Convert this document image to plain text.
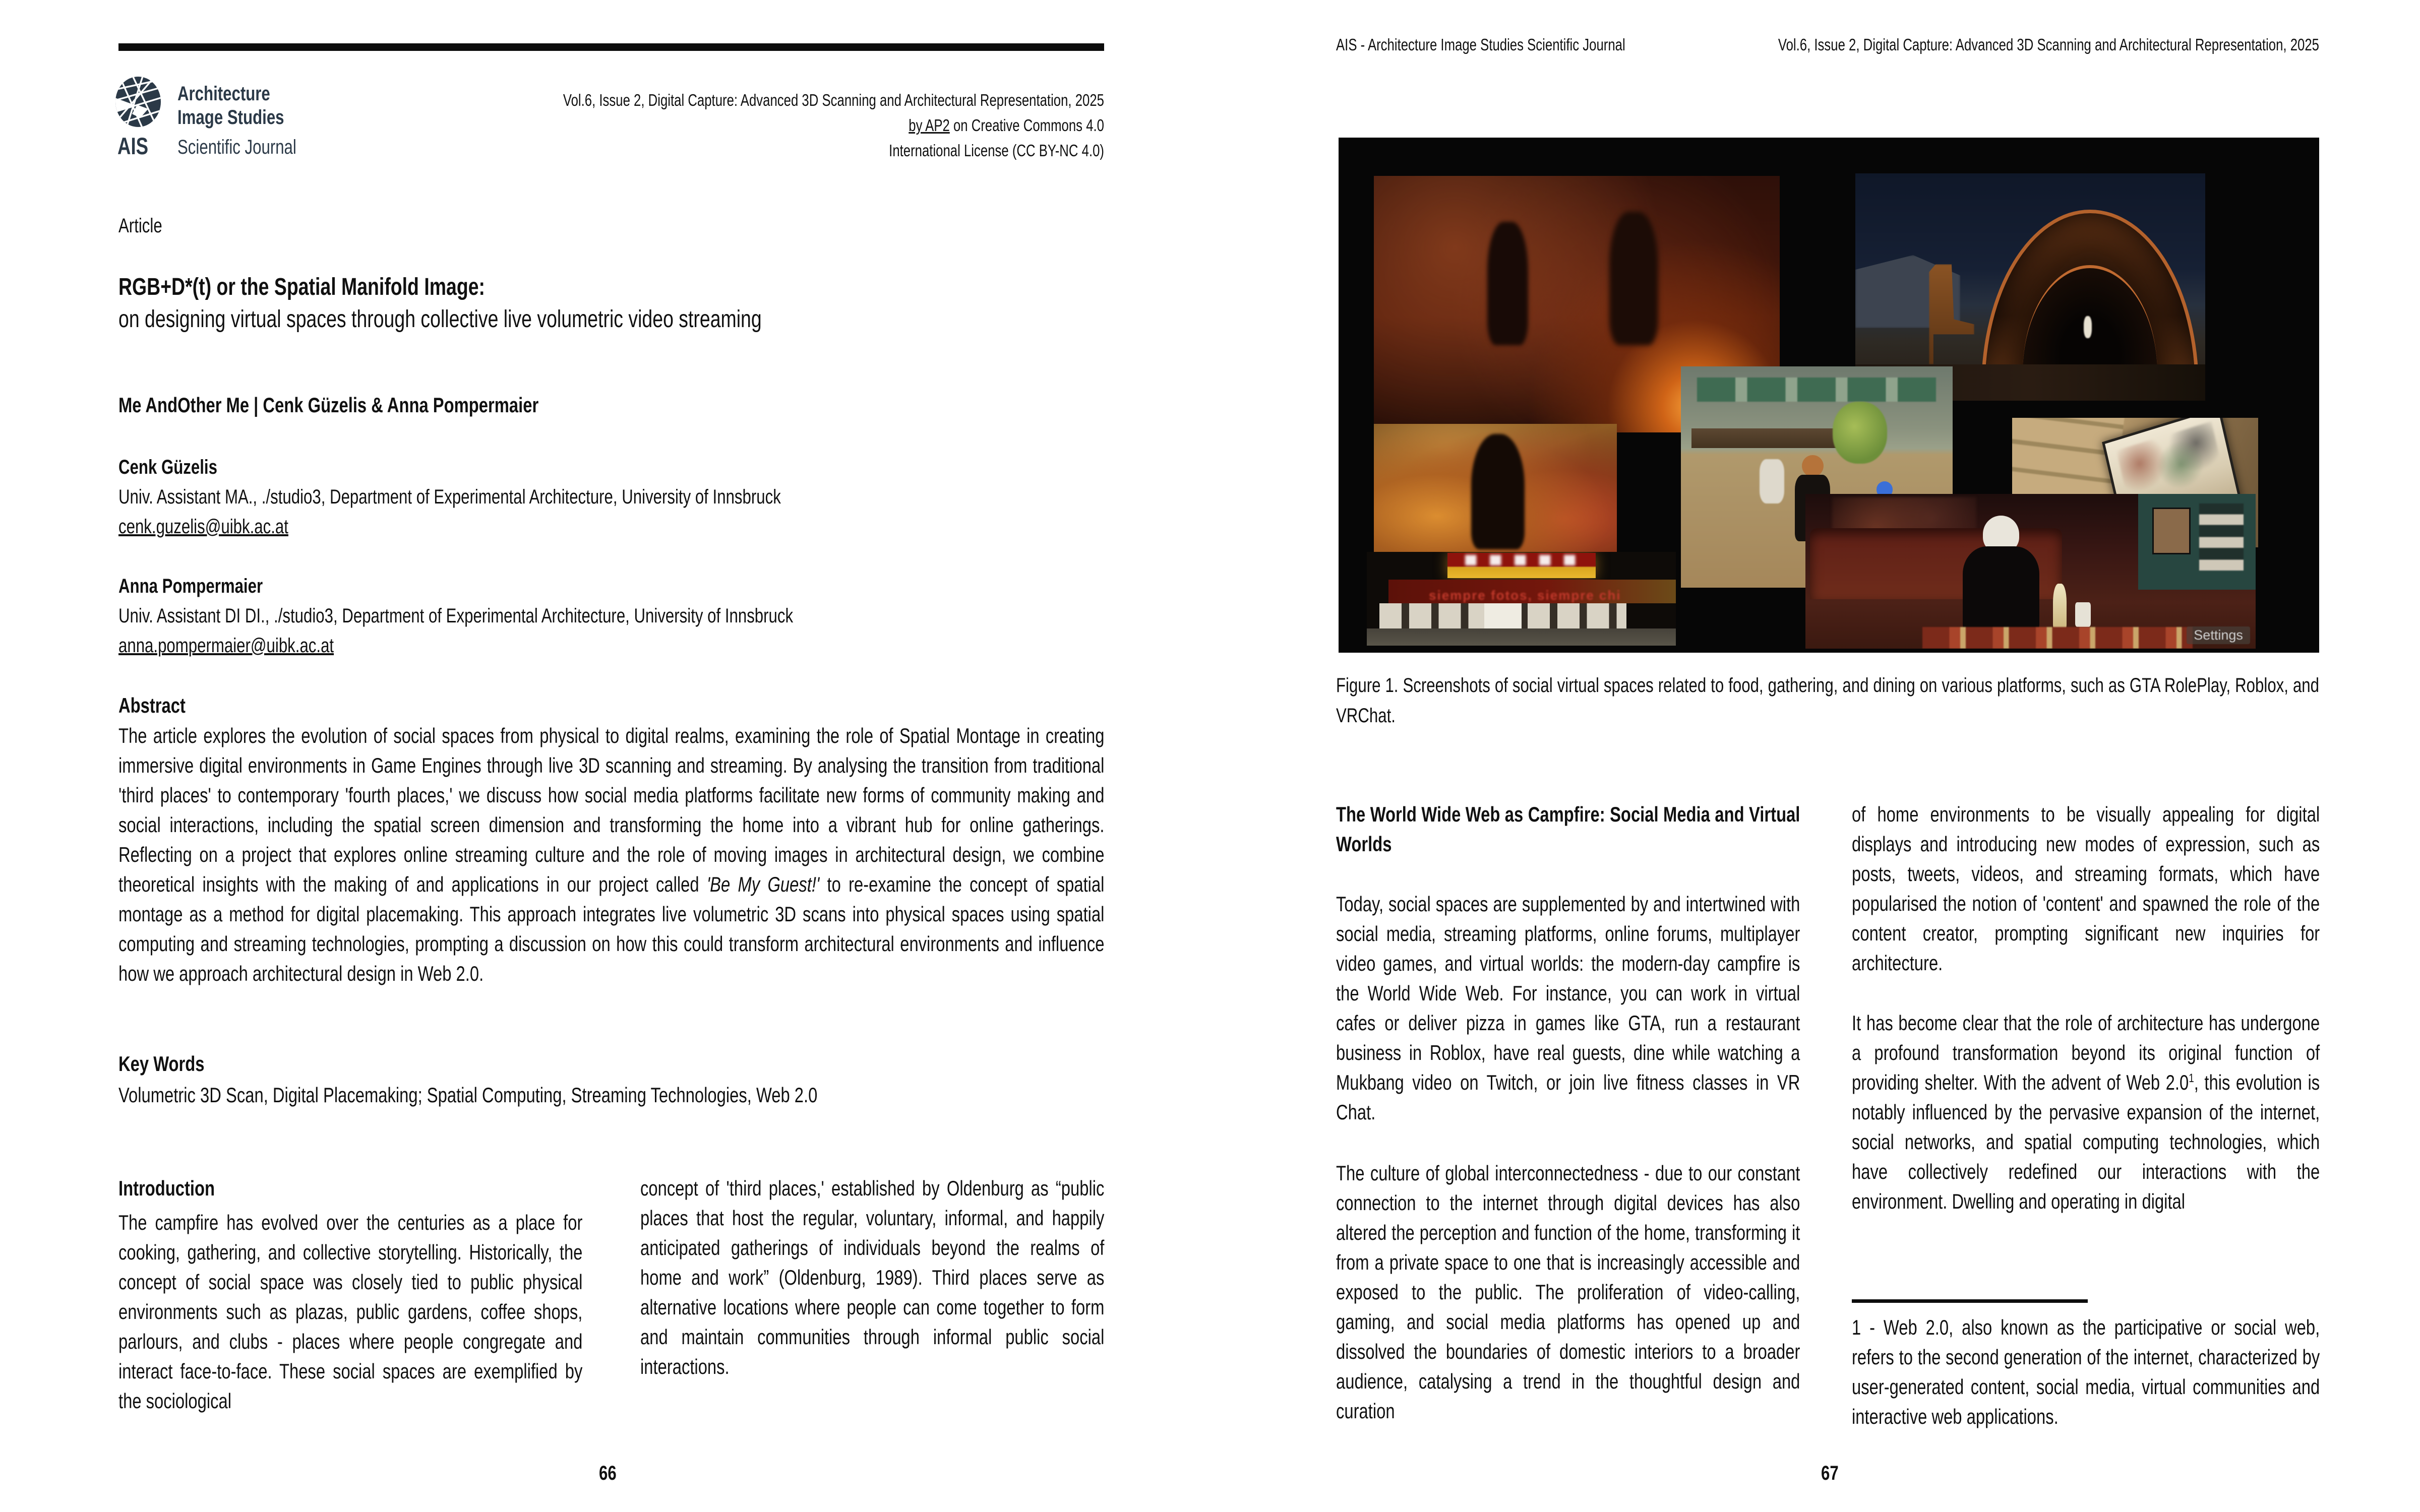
AIS
Architecture
Image Studies
Scientific Journal
Vol.6, Issue 2, Digital Capture: Advanced 3D Scanning and Architectural Representation, 2025
by AP2 on Creative Commons 4.0
International License (CC BY-NC 4.0)
Article
RGB+D*(t) or the Spatial Manifold Image:
on designing virtual spaces through collective live volumetric video streaming
Me AndOther Me | Cenk Güzelis & Anna Pompermaier
Cenk Güzelis
Univ. Assistant MA., ./studio3, Department of Experimental Architecture, University of Innsbruck
cenk.guzelis@uibk.ac.at
Anna Pompermaier
Univ. Assistant DI DI., ./studio3, Department of Experimental Architecture, University of Innsbruck
anna.pompermaier@uibk.ac.at
Abstract
The article explores the evolution of social spaces from physical to digital realms, examining the role of Spatial Montage in creating immersive digital environments in Game Engines through live 3D scanning and streaming. By analysing the transition from traditional 'third places' to contemporary 'fourth places,' we discuss how social media platforms facilitate new forms of community making and social interactions, including the spatial screen dimension and transforming the home into a vibrant hub for online gatherings. Reflecting on a project that explores online streaming culture and the role of moving images in architectural design, we combine theoretical insights with the making of and applications in our project called 'Be My Guest!' to re-examine the concept of spatial montage as a method for digital placemaking. This approach integrates live volumetric 3D scans into physical spaces using spatial computing and streaming technologies, prompting a discussion on how this could transform architectural environments and influence how we approach architectural design in Web 2.0.
Key Words
Volumetric 3D Scan, Digital Placemaking; Spatial Computing, Streaming Technologies, Web 2.0
Introduction
The campfire has evolved over the centuries as a place for cooking, gathering, and collective storytelling. Historically, the concept of social space was closely tied to public physical environments such as plazas, public gardens, coffee shops, parlours, and clubs - places where people congregate and interact face-to-face. These social spaces are exemplified by the sociological
concept of 'third places,' established by Oldenburg as “public places that host the regular, voluntary, informal, and happily anticipated gatherings of individuals beyond the realms of home and work” (Oldenburg, 1989). Third places serve as alternative locations where people can come together to form and maintain communities through informal public social interactions.
66
AIS - Architecture Image Studies Scientific Journal	Vol.6, Issue 2, Digital Capture: Advanced 3D Scanning and Architectural Representation, 2025
siempre fotos, siempre chi
Settings
Figure 1. Screenshots of social virtual spaces related to food, gathering, and dining on various platforms, such as GTA RolePlay, Roblox, and VRChat.
The World Wide Web as Campfire: Social Media and Virtual Worlds
Today, social spaces are supplemented by and intertwined with social media, streaming platforms, online forums, multiplayer video games, and virtual worlds: the modern-day campfire is the World Wide Web. For instance, you can work in virtual cafes or deliver pizza in games like GTA, run a restaurant business in Roblox, have real guests, dine while watching a Mukbang video on Twitch, or join live fitness classes in VR Chat.
The culture of global interconnectedness - due to our constant connection to the internet through digital devices has also altered the perception and function of the home, transforming it from a private space to one that is increasingly accessible and exposed to the public. The proliferation of video-calling, gaming, and social media platforms has opened up and dissolved the boundaries of domestic interiors to a broader audience, catalysing a trend in the thoughtful design and curation
of home environments to be visually appealing for digital displays and introducing new modes of expression, such as posts, tweets, videos, and streaming formats, which have popularised the notion of 'content' and spawned the role of the content creator, prompting significant new inquiries for architecture.
It has become clear that the role of architecture has undergone a profound transformation beyond its original function of providing shelter. With the advent of Web $2.0^1$, this evolution is notably influenced by the pervasive expansion of the internet, social networks, and spatial computing technologies, which have collectively redefined our interactions with the environment. Dwelling and operating in digital
1 - Web 2.0, also known as the participative or social web, refers to the second generation of the internet, characterized by user-generated content, social media, virtual communities and interactive web applications.
67
